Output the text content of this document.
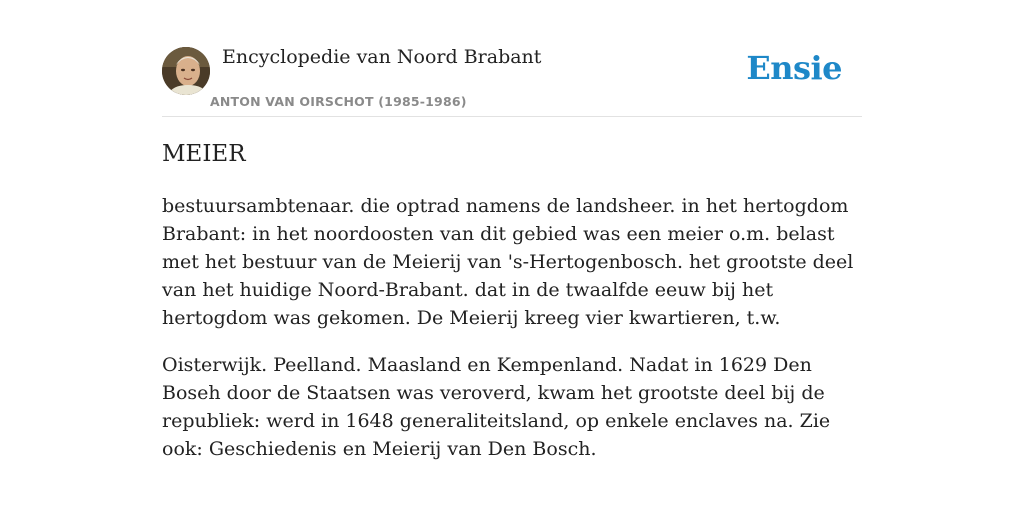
Encyclopedie van Noord Brabant
ANTON VAN OIRSCHOT (1985-1986)
Ensie
MEIER

bestuursambtenaar. die optrad namens de landsheer. in het hertogdom Brabant: in het noordoosten van dit gebied was een meier o.m. belast met het bestuur van de Meierij van 's-Hertogenbosch. het grootste deel van het huidige Noord-Brabant. dat in de twaalfde eeuw bij het hertogdom was gekomen. De Meierij kreeg vier kwartieren, t.w.

Oisterwijk. Peelland. Maasland en Kempenland. Nadat in 1629 Den Boseh door de Staatsen was veroverd, kwam het grootste deel bij de republiek: werd in 1648 generaliteitsland, op enkele enclaves na. Zie ook: Geschiedenis en Meierij van Den Bosch.
